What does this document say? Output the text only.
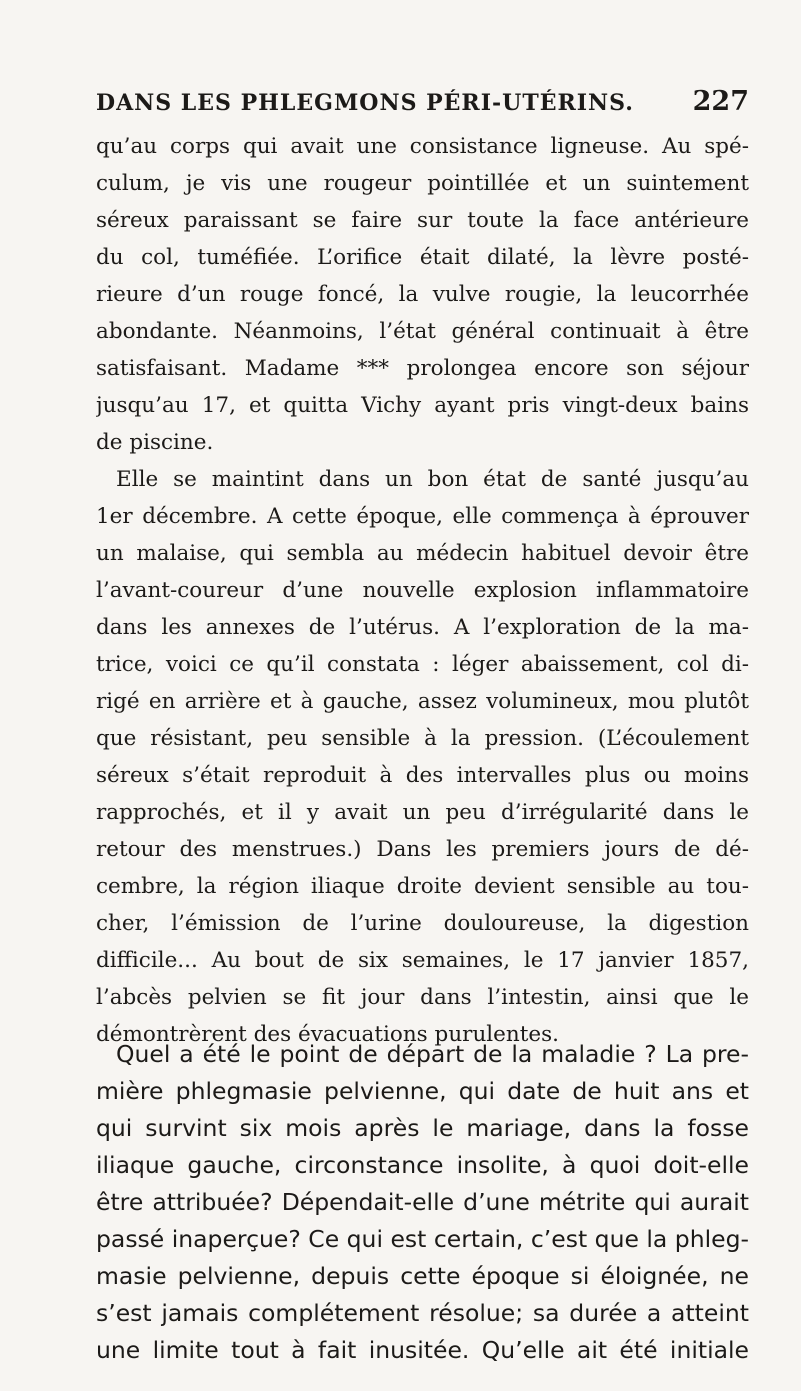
DANS LES PHLEGMONS PÉRI-UTÉRINS. 227
qu’au corps qui avait une consistance ligneuse. Au spé-
culum, je vis une rougeur pointillée et un suintement
séreux paraissant se faire sur toute la face antérieure
du col, tuméfiée. L’orifice était dilaté, la lèvre posté-
rieure d’un rouge foncé, la vulve rougie, la leucorrhée
abondante. Néanmoins, l’état général continuait à être
satisfaisant. Madame *** prolongea encore son séjour
jusqu’au 17, et quitta Vichy ayant pris vingt-deux bains
de piscine.
Elle se maintint dans un bon état de santé jusqu’au
1er décembre. A cette époque, elle commença à éprouver
un malaise, qui sembla au médecin habituel devoir être
l’avant-coureur d’une nouvelle explosion inflammatoire
dans les annexes de l’utérus. A l’exploration de la ma-
trice, voici ce qu’il constata : léger abaissement, col di-
rigé en arrière et à gauche, assez volumineux, mou plutôt
que résistant, peu sensible à la pression. (L’écoulement
séreux s’était reproduit à des intervalles plus ou moins
rapprochés, et il y avait un peu d’irrégularité dans le
retour des menstrues.) Dans les premiers jours de dé-
cembre, la région iliaque droite devient sensible au tou-
cher, l’émission de l’urine douloureuse, la digestion
difficile... Au bout de six semaines, le 17 janvier 1857,
l’abcès pelvien se fit jour dans l’intestin, ainsi que le
démontrèrent des évacuations purulentes.
Quel a été le point de départ de la maladie ? La pre-
mière phlegmasie pelvienne, qui date de huit ans et
qui survint six mois après le mariage, dans la fosse
iliaque gauche, circonstance insolite, à quoi doit-elle
être attribuée? Dépendait-elle d’une métrite qui aurait
passé inaperçue? Ce qui est certain, c’est que la phleg-
masie pelvienne, depuis cette époque si éloignée, ne
s’est jamais complétement résolue; sa durée a atteint
une limite tout à fait inusitée. Qu’elle ait été initiale
